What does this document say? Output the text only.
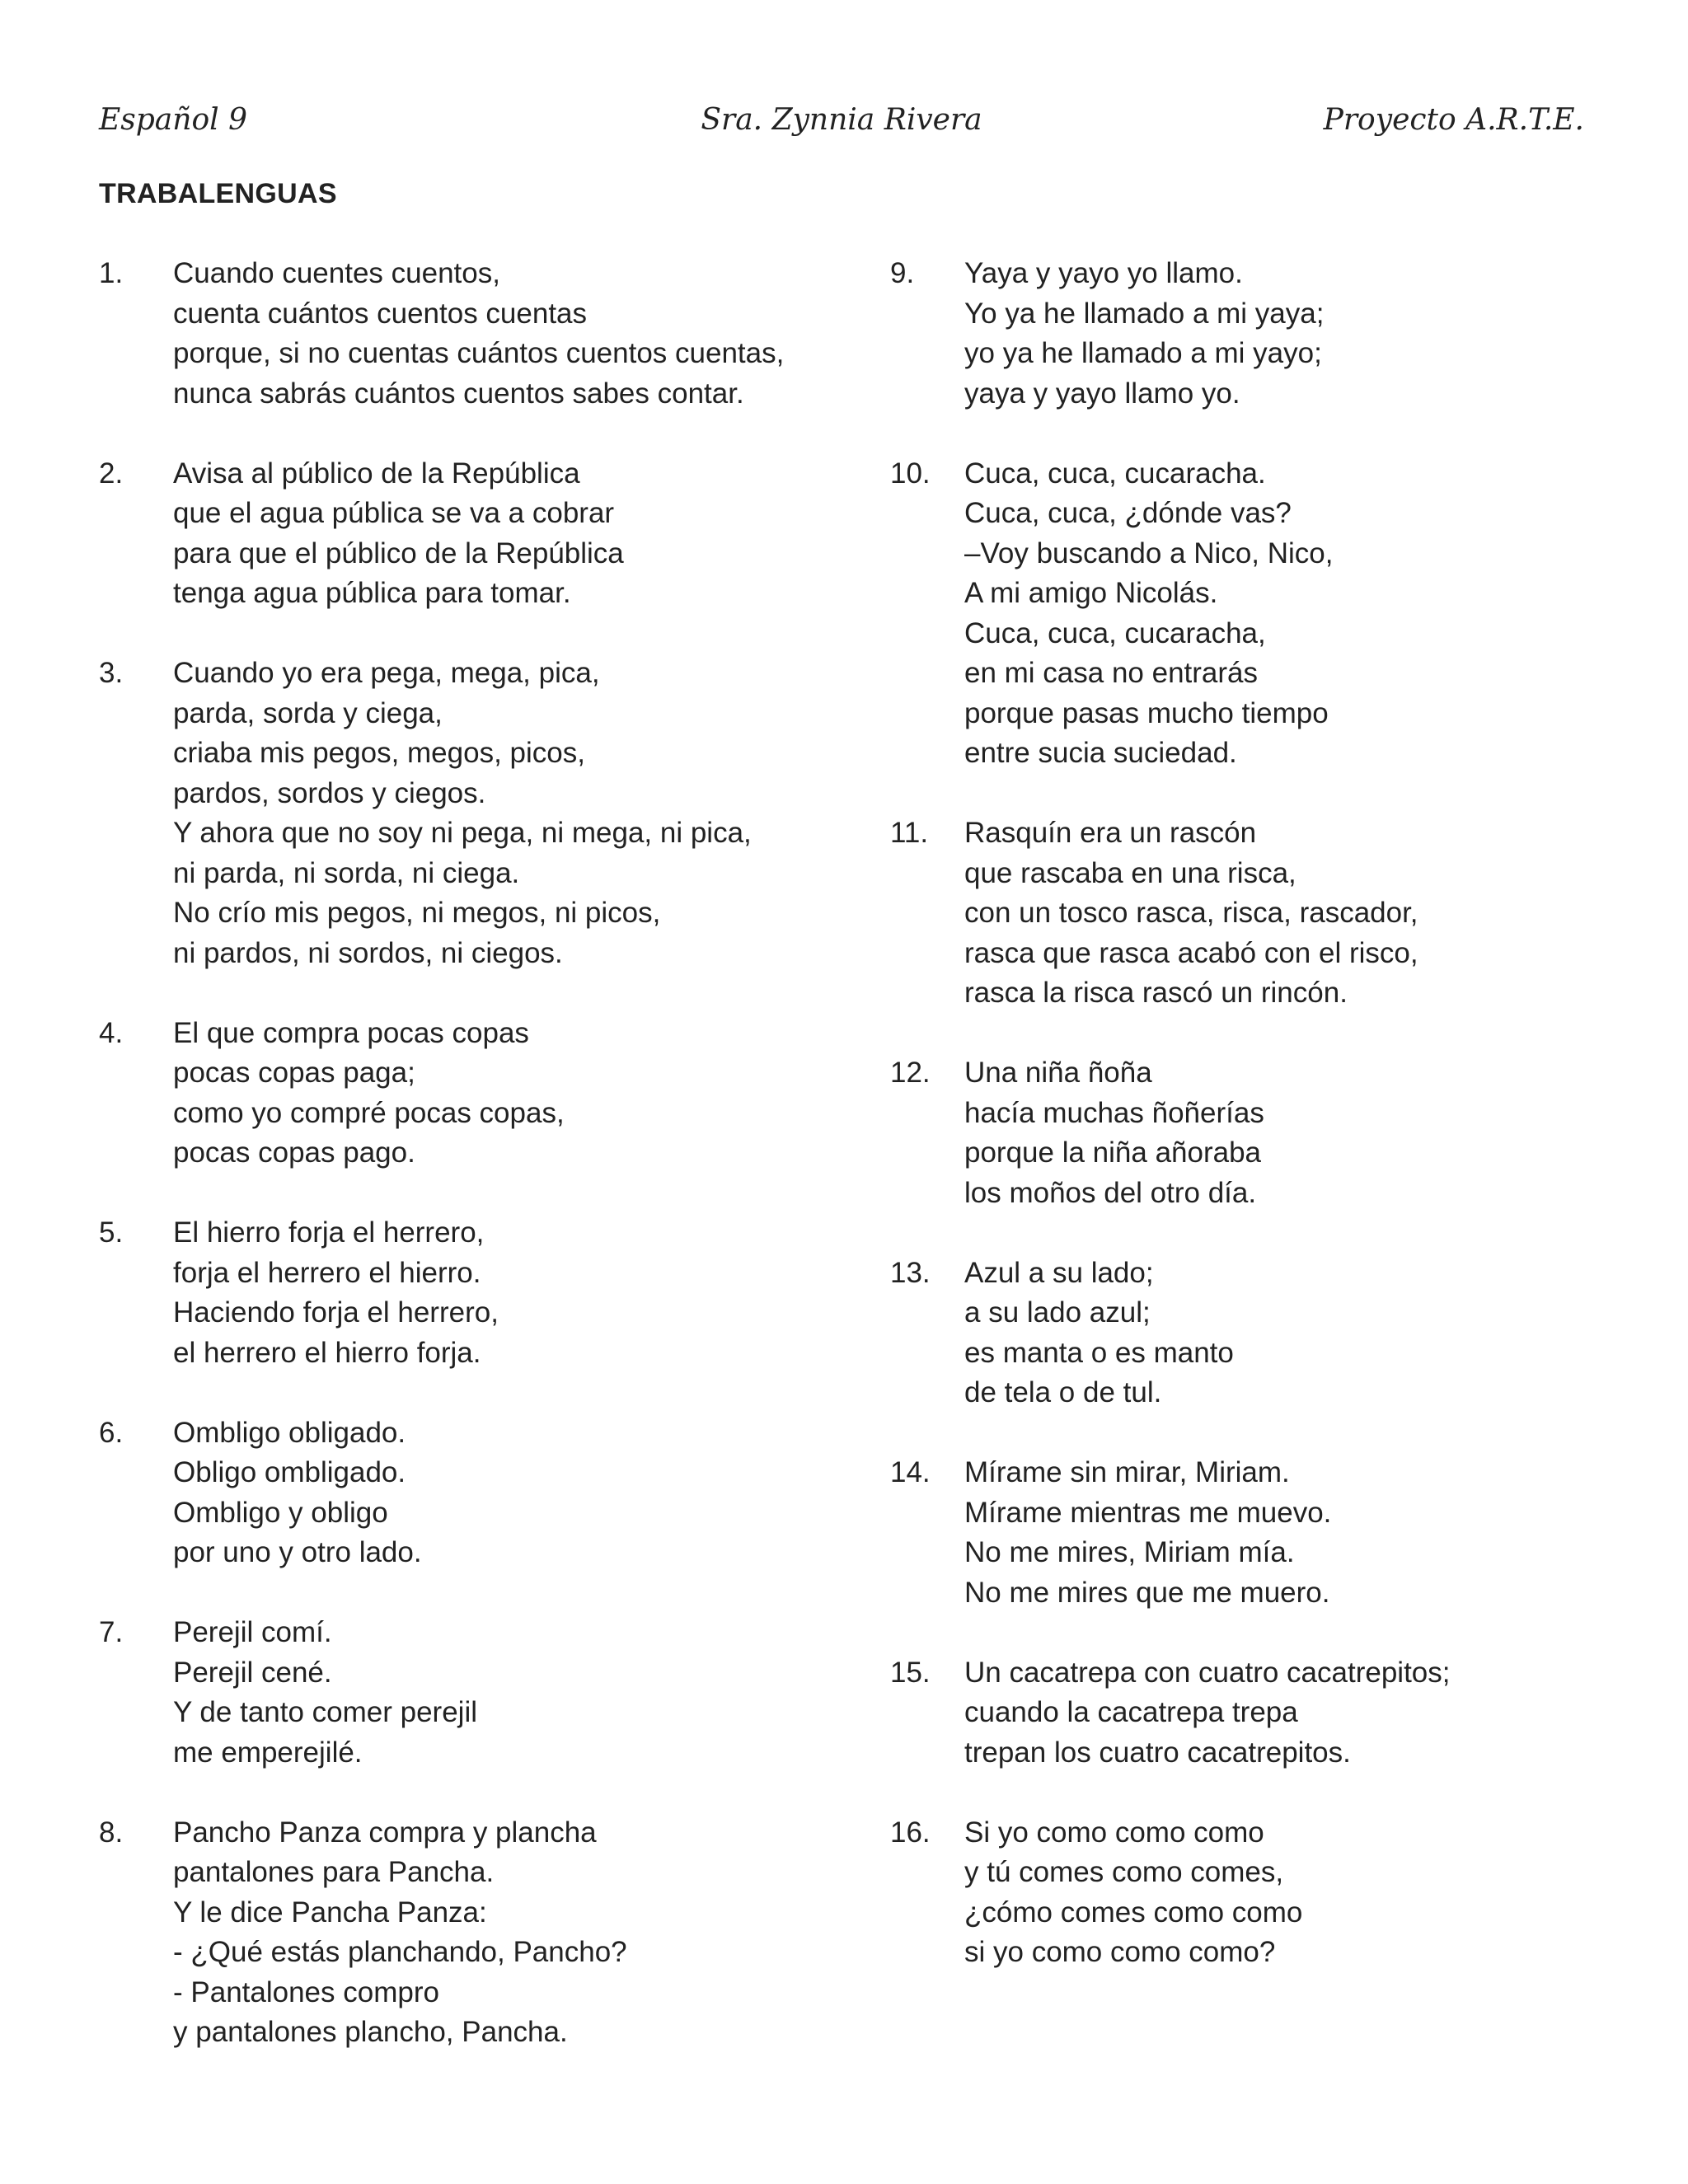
Español 9	Sra. Zynnia Rivera	Proyecto A.R.T.E.
TRABALENGUAS
1.	Cuando cuentes cuentos,
cuenta cuántos cuentos cuentas
porque, si no cuentas cuántos cuentos cuentas,
nunca sabrás cuántos cuentos sabes contar.
2.	Avisa al público de la República
que el agua pública se va a cobrar
para que el público de la República
tenga agua pública para tomar.
3.	Cuando yo era pega, mega, pica,
parda, sorda y ciega,
criaba mis pegos, megos, picos,
pardos, sordos y ciegos.
Y ahora que no soy ni pega, ni mega, ni pica,
ni parda, ni sorda, ni ciega.
No crío mis pegos, ni megos, ni picos,
ni pardos, ni sordos, ni ciegos.
4.	El que compra pocas copas
pocas copas paga;
como yo compré pocas copas,
pocas copas pago.
5.	El hierro forja el herrero,
forja el herrero el hierro.
Haciendo forja el herrero,
el herrero el hierro forja.
6.	Ombligo obligado.
Obligo ombligado.
Ombligo y obligo
por uno y otro lado.
7.	Perejil comí.
Perejil cené.
Y de tanto comer perejil
me emperejilé.
8.	Pancho Panza compra y plancha
pantalones para Pancha.
Y le dice Pancha Panza:
- ¿Qué estás planchando, Pancho?
- Pantalones compro
y pantalones plancho, Pancha.
9.	Yaya y yayo yo llamo.
Yo ya he llamado a mi yaya;
yo ya he llamado a mi yayo;
yaya y yayo llamo yo.
10.	Cuca, cuca, cucaracha.
Cuca, cuca, ¿dónde vas?
–Voy buscando a Nico, Nico,
A mi amigo Nicolás.
Cuca, cuca, cucaracha,
en mi casa no entrarás
porque pasas mucho tiempo
entre sucia suciedad.
11.	Rasquín era un rascón
que rascaba en una risca,
con un tosco rasca, risca, rascador,
rasca que rasca acabó con el risco,
rasca la risca rascó un rincón.
12.	Una niña ñoña
hacía muchas ñoñerías
porque la niña añoraba
los moños del otro día.
13.	Azul a su lado;
a su lado azul;
es manta o es manto
de tela o de tul.
14.	Mírame sin mirar, Miriam.
Mírame mientras me muevo.
No me mires, Miriam mía.
No me mires que me muero.
15.	Un cacatrepa con cuatro cacatrepitos;
cuando la cacatrepa trepa
trepan los cuatro cacatrepitos.
16.	Si yo como como como
y tú comes como comes,
¿cómo comes como como
si yo como como como?
